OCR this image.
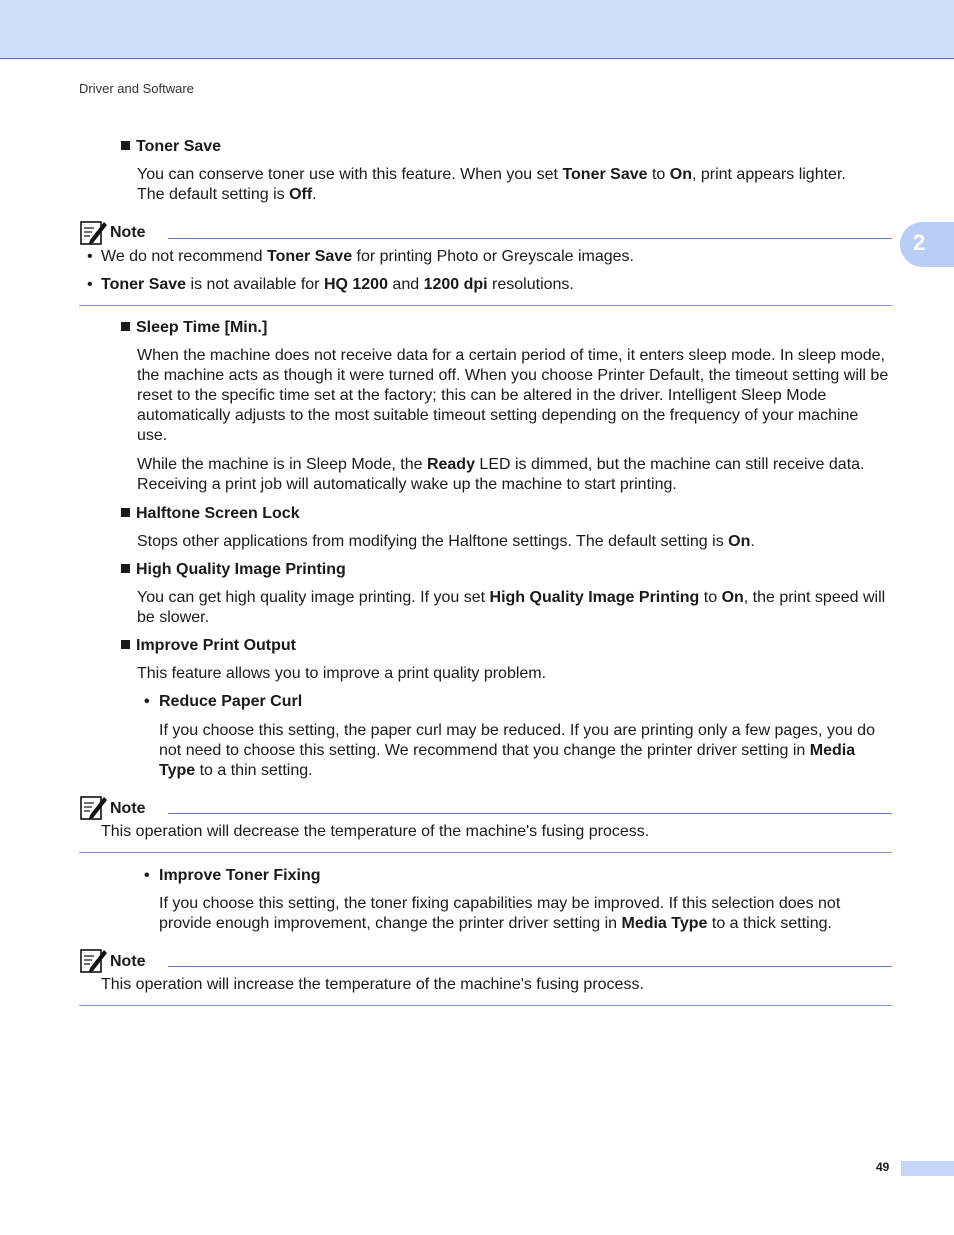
Driver and Software
2
Toner Save
You can conserve toner use with this feature. When you set Toner Save to On, print appears lighter.
The default setting is Off.
Note
• We do not recommend Toner Save for printing Photo or Greyscale images.
• Toner Save is not available for HQ 1200 and 1200 dpi resolutions.
Sleep Time [Min.]
When the machine does not receive data for a certain period of time, it enters sleep mode. In sleep mode, the machine acts as though it were turned off. When you choose Printer Default, the timeout setting will be reset to the specific time set at the factory; this can be altered in the driver. Intelligent Sleep Mode automatically adjusts to the most suitable timeout setting depending on the frequency of your machine use.
While the machine is in Sleep Mode, the Ready LED is dimmed, but the machine can still receive data. Receiving a print job will automatically wake up the machine to start printing.
Halftone Screen Lock
Stops other applications from modifying the Halftone settings. The default setting is On.
High Quality Image Printing
You can get high quality image printing. If you set High Quality Image Printing to On, the print speed will be slower.
Improve Print Output
This feature allows you to improve a print quality problem.
• Reduce Paper Curl
If you choose this setting, the paper curl may be reduced. If you are printing only a few pages, you do not need to choose this setting. We recommend that you change the printer driver setting in Media Type to a thin setting.
Note
This operation will decrease the temperature of the machine's fusing process.
• Improve Toner Fixing
If you choose this setting, the toner fixing capabilities may be improved. If this selection does not provide enough improvement, change the printer driver setting in Media Type to a thick setting.
Note
This operation will increase the temperature of the machine's fusing process.
49
